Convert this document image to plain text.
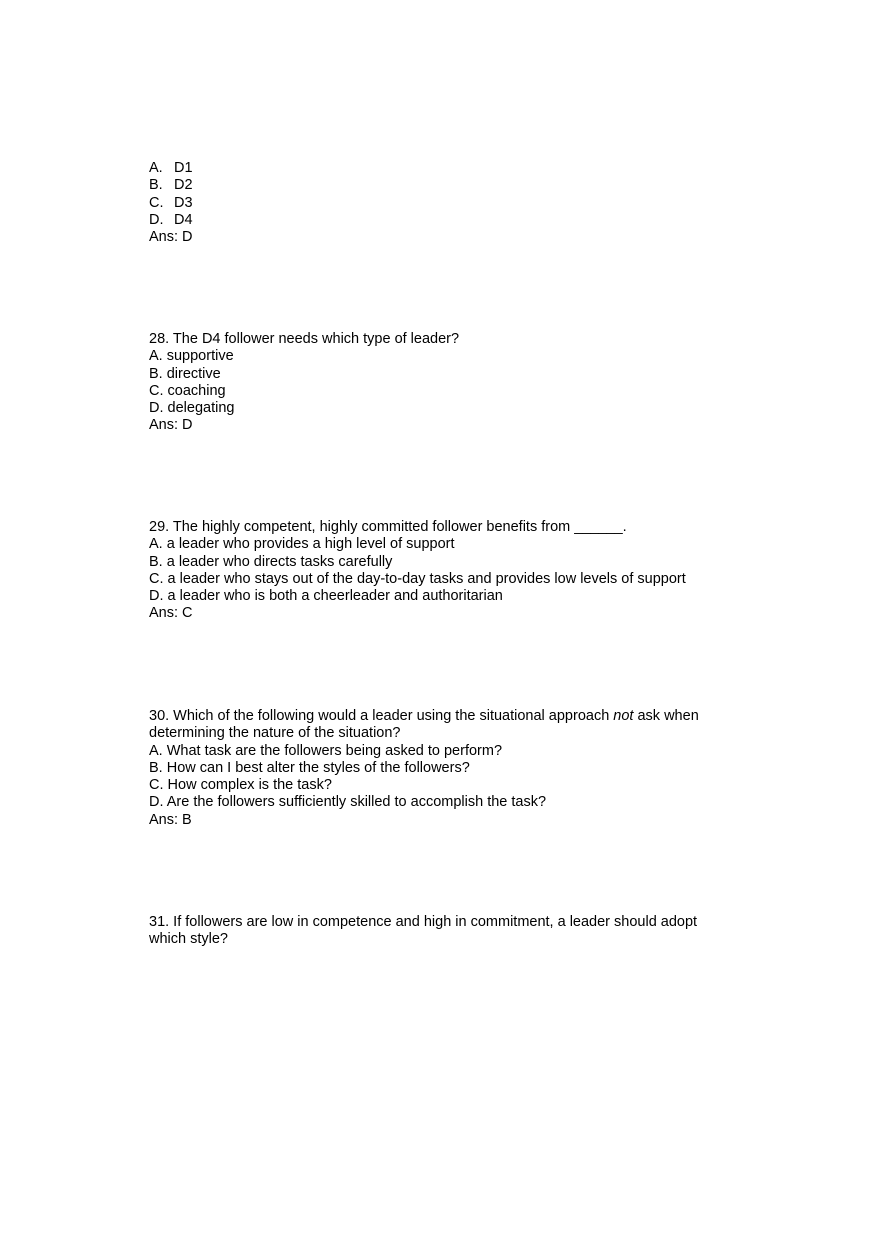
A. D1
B. D2
C. D3
D. D4
Ans: D
28. The D4 follower needs which type of leader?
A. supportive
B. directive
C. coaching
D. delegating
Ans: D
29. The highly competent, highly committed follower benefits from ______.
A. a leader who provides a high level of support
B. a leader who directs tasks carefully
C. a leader who stays out of the day-to-day tasks and provides low levels of support
D. a leader who is both a cheerleader and authoritarian
Ans: C
30. Which of the following would a leader using the situational approach not ask when
determining the nature of the situation?
A. What task are the followers being asked to perform?
B. How can I best alter the styles of the followers?
C. How complex is the task?
D. Are the followers sufficiently skilled to accomplish the task?
Ans: B
31. If followers are low in competence and high in commitment, a leader should adopt
which style?
